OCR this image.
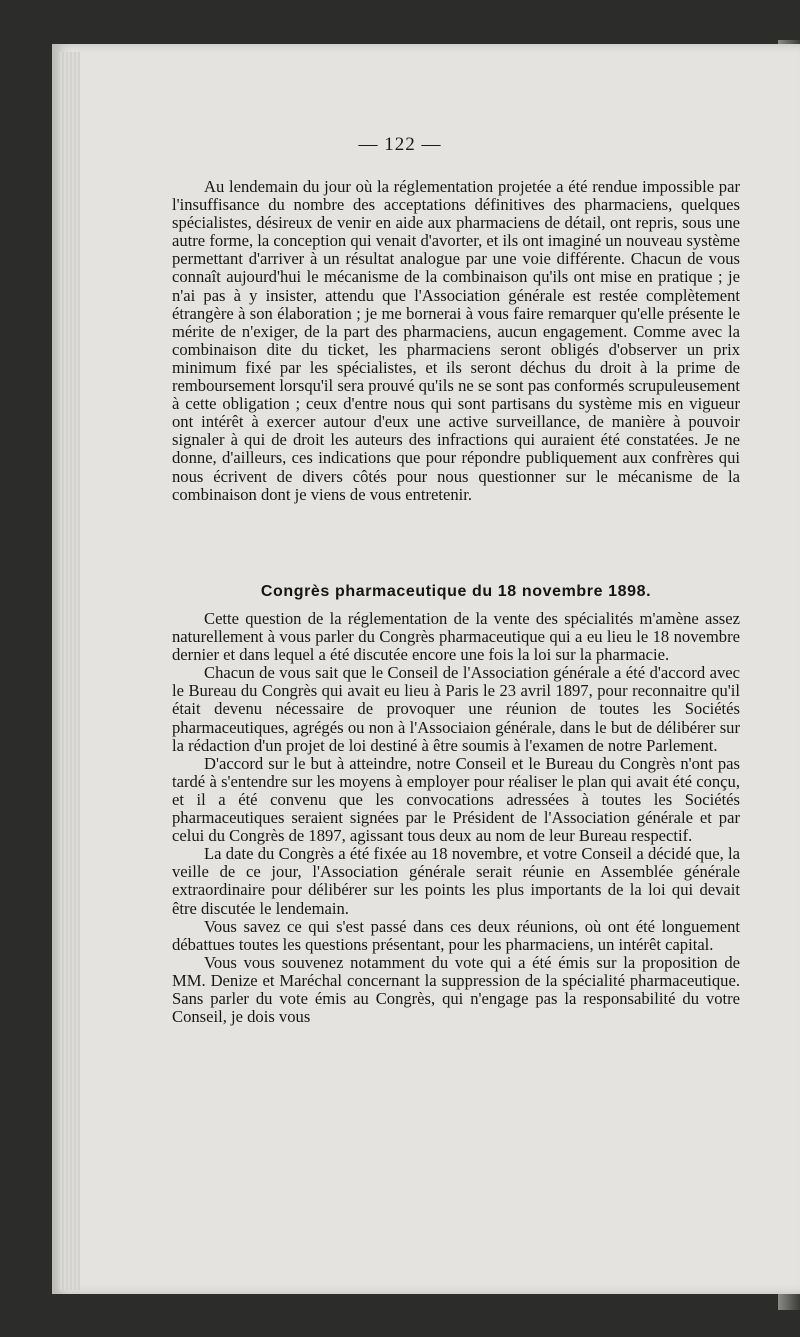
— 122 —

Au lendemain du jour où la réglementation projetée a été rendue impossible par l'insuffisance du nombre des acceptations définitives des pharmaciens, quelques spécialistes, désireux de venir en aide aux pharmaciens de détail, ont repris, sous une autre forme, la conception qui venait d'avorter, et ils ont imaginé un nouveau système permettant d'arriver à un résultat analogue par une voie différente. Chacun de vous connaît aujourd'hui le mécanisme de la combinaison qu'ils ont mise en pratique ; je n'ai pas à y insister, attendu que l'Association générale est restée complètement étrangère à son élaboration ; je me bornerai à vous faire remarquer qu'elle présente le mérite de n'exiger, de la part des pharmaciens, aucun engagement. Comme avec la combinaison dite du ticket, les pharmaciens seront obligés d'observer un prix minimum fixé par les spécialistes, et ils seront déchus du droit à la prime de remboursement lorsqu'il sera prouvé qu'ils ne se sont pas conformés scrupuleusement à cette obligation ; ceux d'entre nous qui sont partisans du système mis en vigueur ont intérêt à exercer autour d'eux une active surveillance, de manière à pouvoir signaler à qui de droit les auteurs des infractions qui auraient été constatées. Je ne donne, d'ailleurs, ces indications que pour répondre publiquement aux confrères qui nous écrivent de divers côtés pour nous questionner sur le mécanisme de la combinaison dont je viens de vous entretenir.

Congrès pharmaceutique du 18 novembre 1898.

Cette question de la réglementation de la vente des spécialités m'amène assez naturellement à vous parler du Congrès pharmaceutique qui a eu lieu le 18 novembre dernier et dans lequel a été discutée encore une fois la loi sur la pharmacie.

Chacun de vous sait que le Conseil de l'Association générale a été d'accord avec le Bureau du Congrès qui avait eu lieu à Paris le 23 avril 1897, pour reconnaitre qu'il était devenu nécessaire de provoquer une réunion de toutes les Sociétés pharmaceutiques, agrégés ou non à l'Associaion générale, dans le but de délibérer sur la rédaction d'un projet de loi destiné à être soumis à l'examen de notre Parlement.

D'accord sur le but à atteindre, notre Conseil et le Bureau du Congrès n'ont pas tardé à s'entendre sur les moyens à employer pour réaliser le plan qui avait été conçu, et il a été convenu que les convocations adressées à toutes les Sociétés pharmaceutiques seraient signées par le Président de l'Association générale et par celui du Congrès de 1897, agissant tous deux au nom de leur Bureau respectif.

La date du Congrès a été fixée au 18 novembre, et votre Conseil a décidé que, la veille de ce jour, l'Association générale serait réunie en Assemblée générale extraordinaire pour délibérer sur les points les plus importants de la loi qui devait être discutée le lendemain.

Vous savez ce qui s'est passé dans ces deux réunions, où ont été longuement débattues toutes les questions présentant, pour les pharmaciens, un intérêt capital.

Vous vous souvenez notamment du vote qui a été émis sur la proposition de MM. Denize et Maréchal concernant la suppression de la spécialité pharmaceutique. Sans parler du vote émis au Congrès, qui n'engage pas la responsabilité du votre Conseil, je dois vous
